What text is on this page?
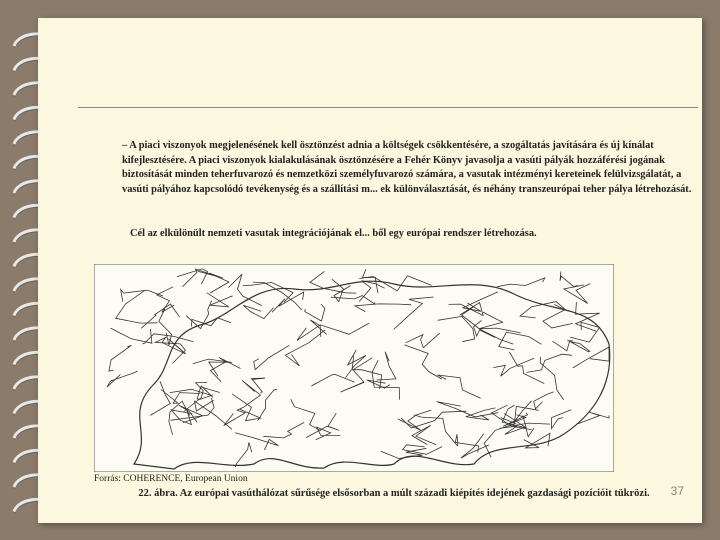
– A piaci viszonyok megjelenésének kell ösztönzést adnia a költségek csökkentésére, a szogáltatás javítására és új kínálat kifejlesztésére. A piaci viszonyok kialakulásának ösztönzésére a Fehér Könyv javasolja a vasúti pályák hozzáférési jogának biztosítását minden teherfuvarozó és nemzetközi személyfuvarozó számára, a vasutak intézményi kereteinek felülvizsgálatát, a vasúti pályához kapcsolódó tevékenység és a szállítási m... ek különválasztását, és néhány transzeurópai teher pálya létrehozását.
Cél az elkülönült nemzeti vasutak integrációjának el... ből egy európai rendszer létrehozása.
Forrás: COHERENCE, European Union
22. ábra. Az európai vasúthálózat sűrűsége elsősorban a múlt századi kiépítés idejének gazdasági pozícióit tükrözi.	37
